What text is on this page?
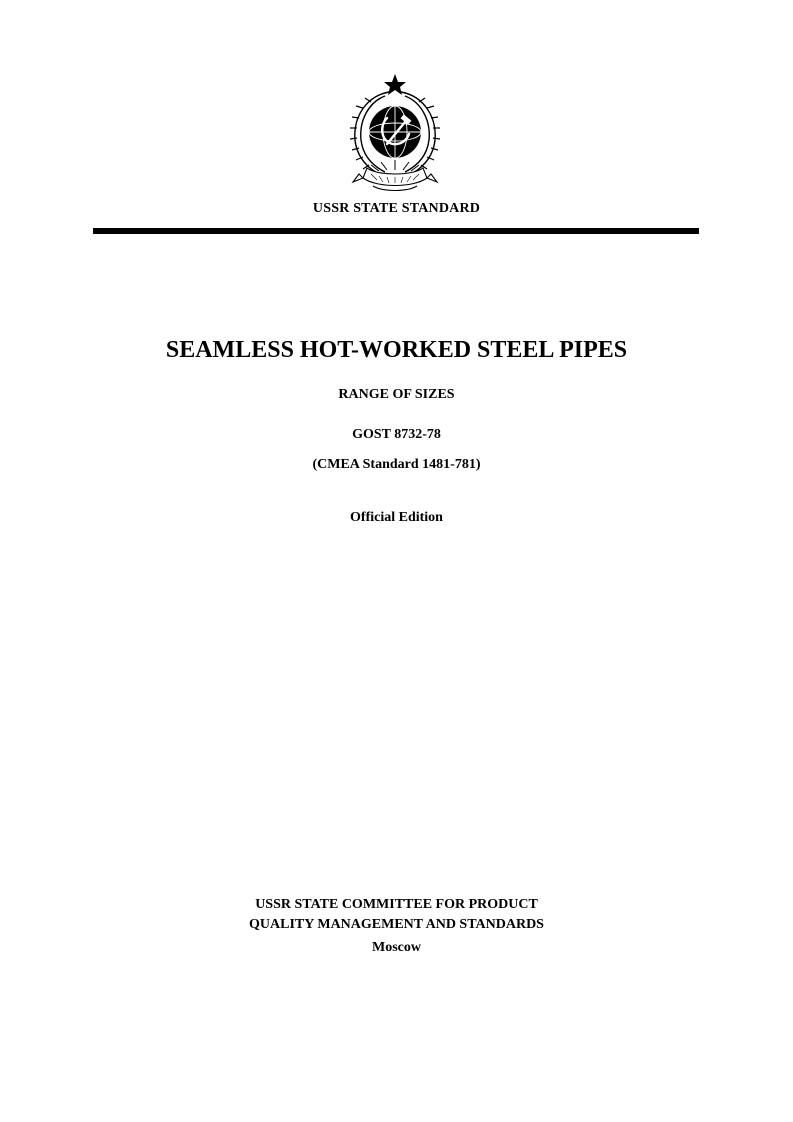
USSR STATE STANDARD
SEAMLESS HOT-WORKED STEEL PIPES
RANGE OF SIZES
GOST 8732-78
(CMEA Standard 1481-781)
Official Edition
USSR STATE COMMITTEE FOR PRODUCT
QUALITY MANAGEMENT AND STANDARDS
Moscow
